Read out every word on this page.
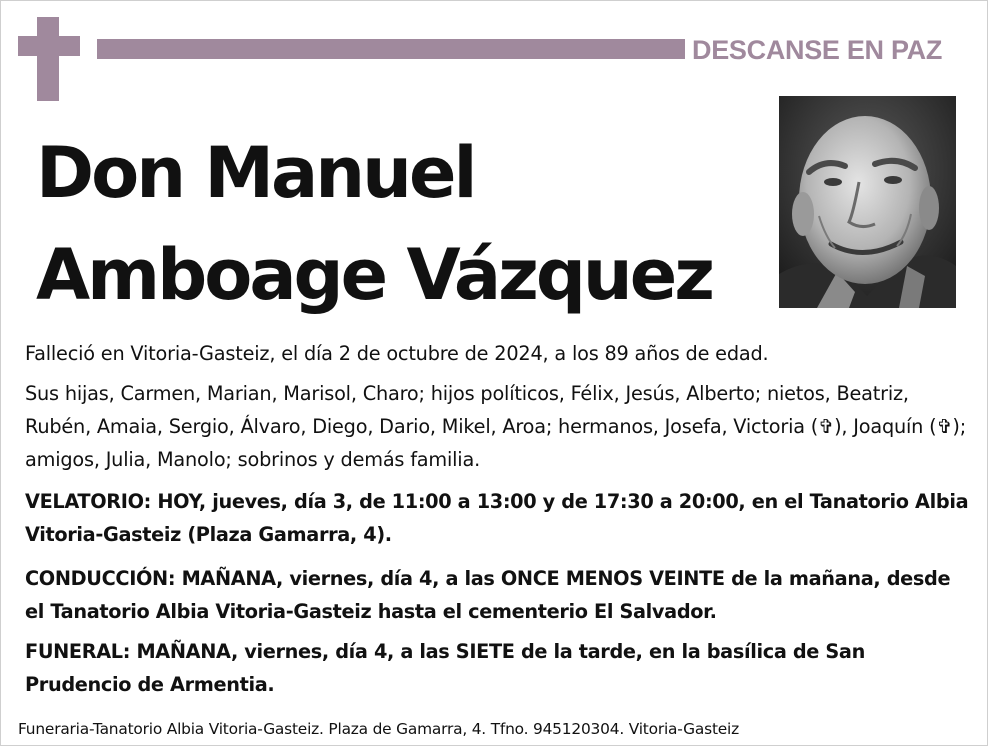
DESCANSE EN PAZ
Don Manuel
Amboage Vázquez
Falleció en Vitoria-Gasteiz, el día 2 de octubre de 2024, a los 89 años de edad.
Sus hijas, Carmen, Marian, Marisol, Charo; hijos políticos, Félix, Jesús, Alberto; nietos, Beatriz, Rubén, Amaia, Sergio, Álvaro, Diego, Dario, Mikel, Aroa; hermanos, Josefa, Victoria (✞), Joaquín (✞); amigos, Julia, Manolo; sobrinos y demás familia.
VELATORIO: HOY, jueves, día 3, de 11:00 a 13:00 y de 17:30 a 20:00, en el Tanatorio Albia Vitoria-Gasteiz (Plaza Gamarra, 4).
CONDUCCIÓN: MAÑANA, viernes, día 4, a las ONCE MENOS VEINTE de la mañana, desde el Tanatorio Albia Vitoria-Gasteiz hasta el cementerio El Salvador.
FUNERAL: MAÑANA, viernes, día 4, a las SIETE de la tarde, en la basílica de San Prudencio de Armentia.
Funeraria-Tanatorio Albia Vitoria-Gasteiz. Plaza de Gamarra, 4. Tfno. 945120304. Vitoria-Gasteiz
